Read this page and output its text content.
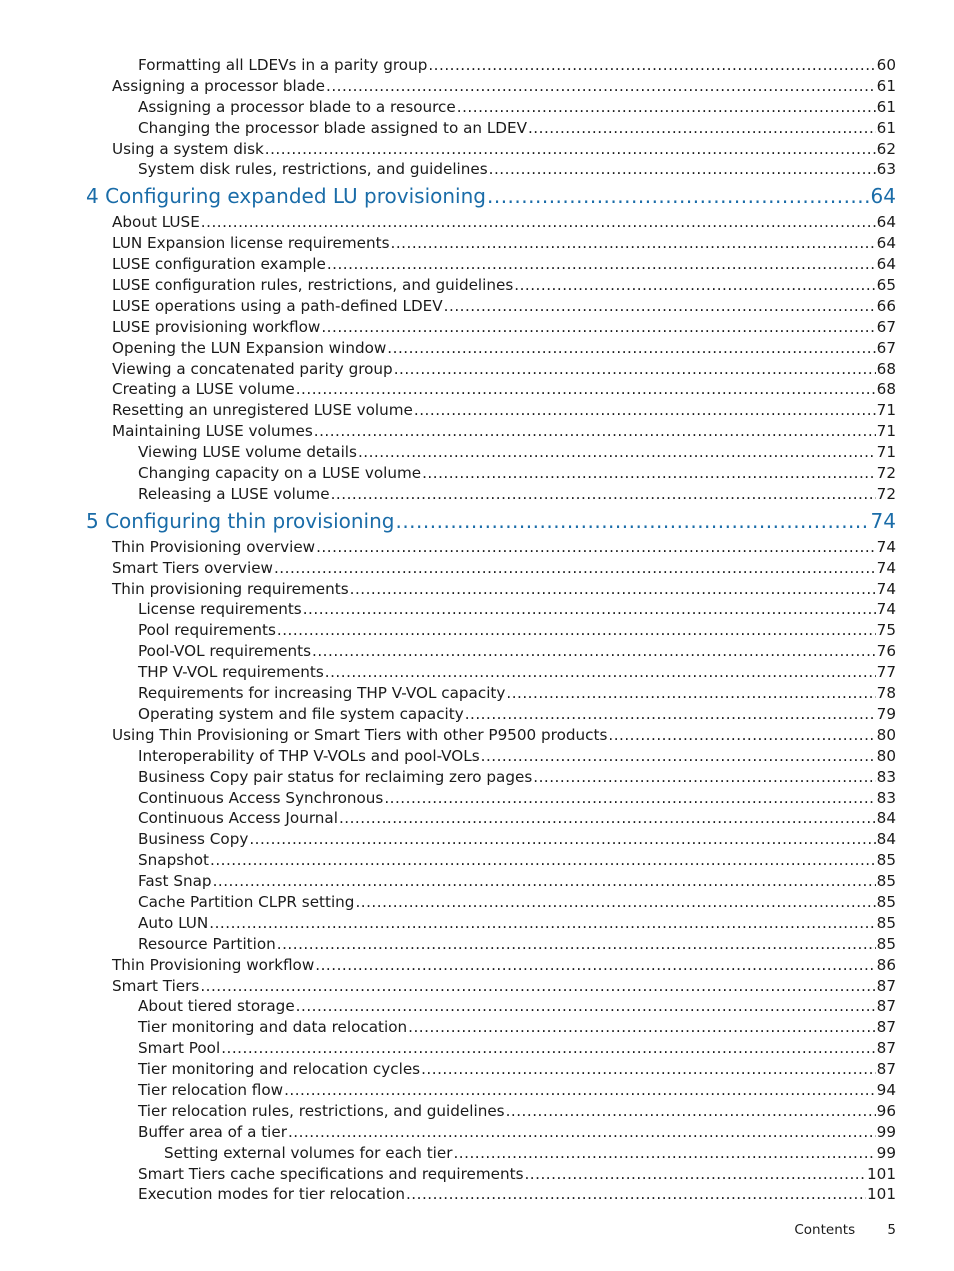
Formatting all LDEVs in a parity group .....	60
Assigning a processor blade .....	61
Assigning a processor blade to a resource .....	61
Changing the processor blade assigned to an LDEV .....	61
Using a system disk .....	62
System disk rules, restrictions, and guidelines .....	63
4 Configuring expanded LU provisioning .....	64
About LUSE .....	64
LUN Expansion license requirements .....	64
LUSE configuration example .....	64
LUSE configuration rules, restrictions, and guidelines .....	65
LUSE operations using a path-defined LDEV .....	66
LUSE provisioning workflow .....	67
Opening the LUN Expansion window .....	67
Viewing a concatenated parity group .....	68
Creating a LUSE volume .....	68
Resetting an unregistered LUSE volume .....	71
Maintaining LUSE volumes .....	71
Viewing LUSE volume details .....	71
Changing capacity on a LUSE volume .....	72
Releasing a LUSE volume .....	72
5 Configuring thin provisioning .....	74
Thin Provisioning overview .....	74
Smart Tiers overview .....	74
Thin provisioning requirements .....	74
License requirements .....	74
Pool requirements .....	75
Pool-VOL requirements .....	76
THP V-VOL requirements .....	77
Requirements for increasing THP V-VOL capacity .....	78
Operating system and file system capacity .....	79
Using Thin Provisioning or Smart Tiers with other P9500 products .....	80
Interoperability of THP V-VOLs and pool-VOLs .....	80
Business Copy pair status for reclaiming zero pages .....	83
Continuous Access Synchronous .....	83
Continuous Access Journal .....	84
Business Copy .....	84
Snapshot .....	85
Fast Snap .....	85
Cache Partition CLPR setting .....	85
Auto LUN .....	85
Resource Partition .....	85
Thin Provisioning workflow .....	86
Smart Tiers .....	87
About tiered storage .....	87
Tier monitoring and data relocation .....	87
Smart Pool .....	87
Tier monitoring and relocation cycles .....	87
Tier relocation flow .....	94
Tier relocation rules, restrictions, and guidelines .....	96
Buffer area of a tier .....	99
Setting external volumes for each tier .....	99
Smart Tiers cache specifications and requirements .....	101
Execution modes for tier relocation .....	101
Contents 5
